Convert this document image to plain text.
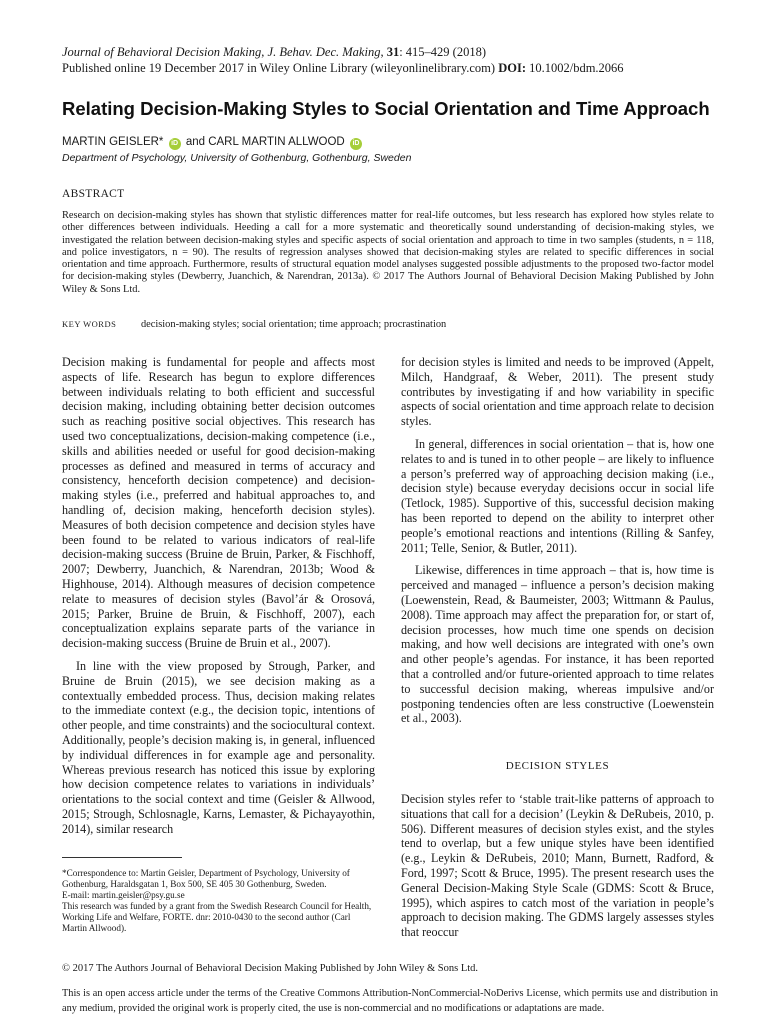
Journal of Behavioral Decision Making, J. Behav. Dec. Making, 31: 415–429 (2018)
Published online 19 December 2017 in Wiley Online Library (wileyonlinelibrary.com) DOI: 10.1002/bdm.2066
Relating Decision-Making Styles to Social Orientation and Time Approach
MARTIN GEISLER* iD and CARL MARTIN ALLWOOD iD
Department of Psychology, University of Gothenburg, Gothenburg, Sweden
ABSTRACT
Research on decision-making styles has shown that stylistic differences matter for real-life outcomes, but less research has explored how styles relate to other differences between individuals. Heeding a call for a more systematic and theoretically sound understanding of decision-making styles, we investigated the relation between decision-making styles and specific aspects of social orientation and approach to time in two samples (students, n = 118, and police investigators, n = 90). The results of regression analyses showed that decision-making styles are related to specific differences in social orientation and time approach. Furthermore, results of structural equation model analyses suggested possible adjustments to the proposed two-factor model for decision-making styles (Dewberry, Juanchich, & Narendran, 2013a). © 2017 The Authors Journal of Behavioral Decision Making Published by John Wiley & Sons Ltd.
KEY WORDS decision-making styles; social orientation; time approach; procrastination

Decision making is fundamental for people and affects most aspects of life. Research has begun to explore differences between individuals relating to both efficient and successful decision making, including obtaining better decision outcomes such as reaching positive social objectives. This research has used two conceptualizations, decision-making competence (i.e., skills and abilities needed or useful for good decision-making processes as defined and measured in terms of accuracy and consistency, henceforth decision competence) and decision-making styles (i.e., preferred and habitual approaches to, and handling of, decision making, henceforth decision styles). Measures of both decision competence and decision styles have been found to be related to various indicators of real-life decision-making success (Bruine de Bruin, Parker, & Fischhoff, 2007; Dewberry, Juanchich, & Narendran, 2013b; Wood & Highhouse, 2014). Although measures of decision competence relate to measures of decision styles (Bavol’ár & Orosová, 2015; Parker, Bruine de Bruin, & Fischhoff, 2007), each conceptualization explains separate parts of the variance in decision-making success (Bruine de Bruin et al., 2007).

In line with the view proposed by Strough, Parker, and Bruine de Bruin (2015), we see decision making as a contextually embedded process. Thus, decision making relates to the immediate context (e.g., the decision topic, intentions of other people, and time constraints) and the sociocultural context. Additionally, people’s decision making is, in general, influenced by individual differences in for example age and personality. Whereas previous research has noticed this issue by exploring how decision competence relates to variations in individuals’ orientations to the social context and time (Geisler & Allwood, 2015; Strough, Schlosnagle, Karns, Lemaster, & Pichayayothin, 2014), similar research

for decision styles is limited and needs to be improved (Appelt, Milch, Handgraaf, & Weber, 2011). The present study contributes by investigating if and how variability in specific aspects of social orientation and time approach relate to decision styles.

In general, differences in social orientation – that is, how one relates to and is tuned in to other people – are likely to influence a person’s preferred way of approaching decision making (i.e., decision style) because everyday decisions occur in social life (Tetlock, 1985). Supportive of this, successful decision making has been reported to depend on the ability to interpret other people’s emotional reactions and intentions (Rilling & Sanfey, 2011; Telle, Senior, & Butler, 2011).

Likewise, differences in time approach – that is, how time is perceived and managed – influence a person’s decision making (Loewenstein, Read, & Baumeister, 2003; Wittmann & Paulus, 2008). Time approach may affect the preparation for, or start of, decision processes, how much time one spends on decision making, and how well decisions are integrated with one’s own and other people’s agendas. For instance, it has been reported that a controlled and/or future-oriented approach to time relates to successful decision making, whereas impulsive and/or postponing tendencies often are less constructive (Loewenstein et al., 2003).

DECISION STYLES

Decision styles refer to ‘stable trait-like patterns of approach to situations that call for a decision’ (Leykin & DeRubeis, 2010, p. 506). Different measures of decision styles exist, and the styles tend to overlap, but a few unique styles have been identified (e.g., Leykin & DeRubeis, 2010; Mann, Burnett, Radford, & Ford, 1997; Scott & Bruce, 1995). The present research uses the General Decision-Making Style Scale (GDMS: Scott & Bruce, 1995), which aspires to catch most of the variation in people’s approach to decision making. The GDMS largely assesses styles that reoccur

*Correspondence to: Martin Geisler, Department of Psychology, University of Gothenburg, Haraldsgatan 1, Box 500, SE 405 30 Gothenburg, Sweden.
E-mail: martin.geisler@psy.gu.se
This research was funded by a grant from the Swedish Research Council for Health, Working Life and Welfare, FORTE. dnr: 2010-0430 to the second author (Carl Martin Allwood).
© 2017 The Authors Journal of Behavioral Decision Making Published by John Wiley & Sons Ltd.
This is an open access article under the terms of the Creative Commons Attribution-NonCommercial-NoDerivs License, which permits use and distribution in any medium, provided the original work is properly cited, the use is non-commercial and no modifications or adaptations are made.
